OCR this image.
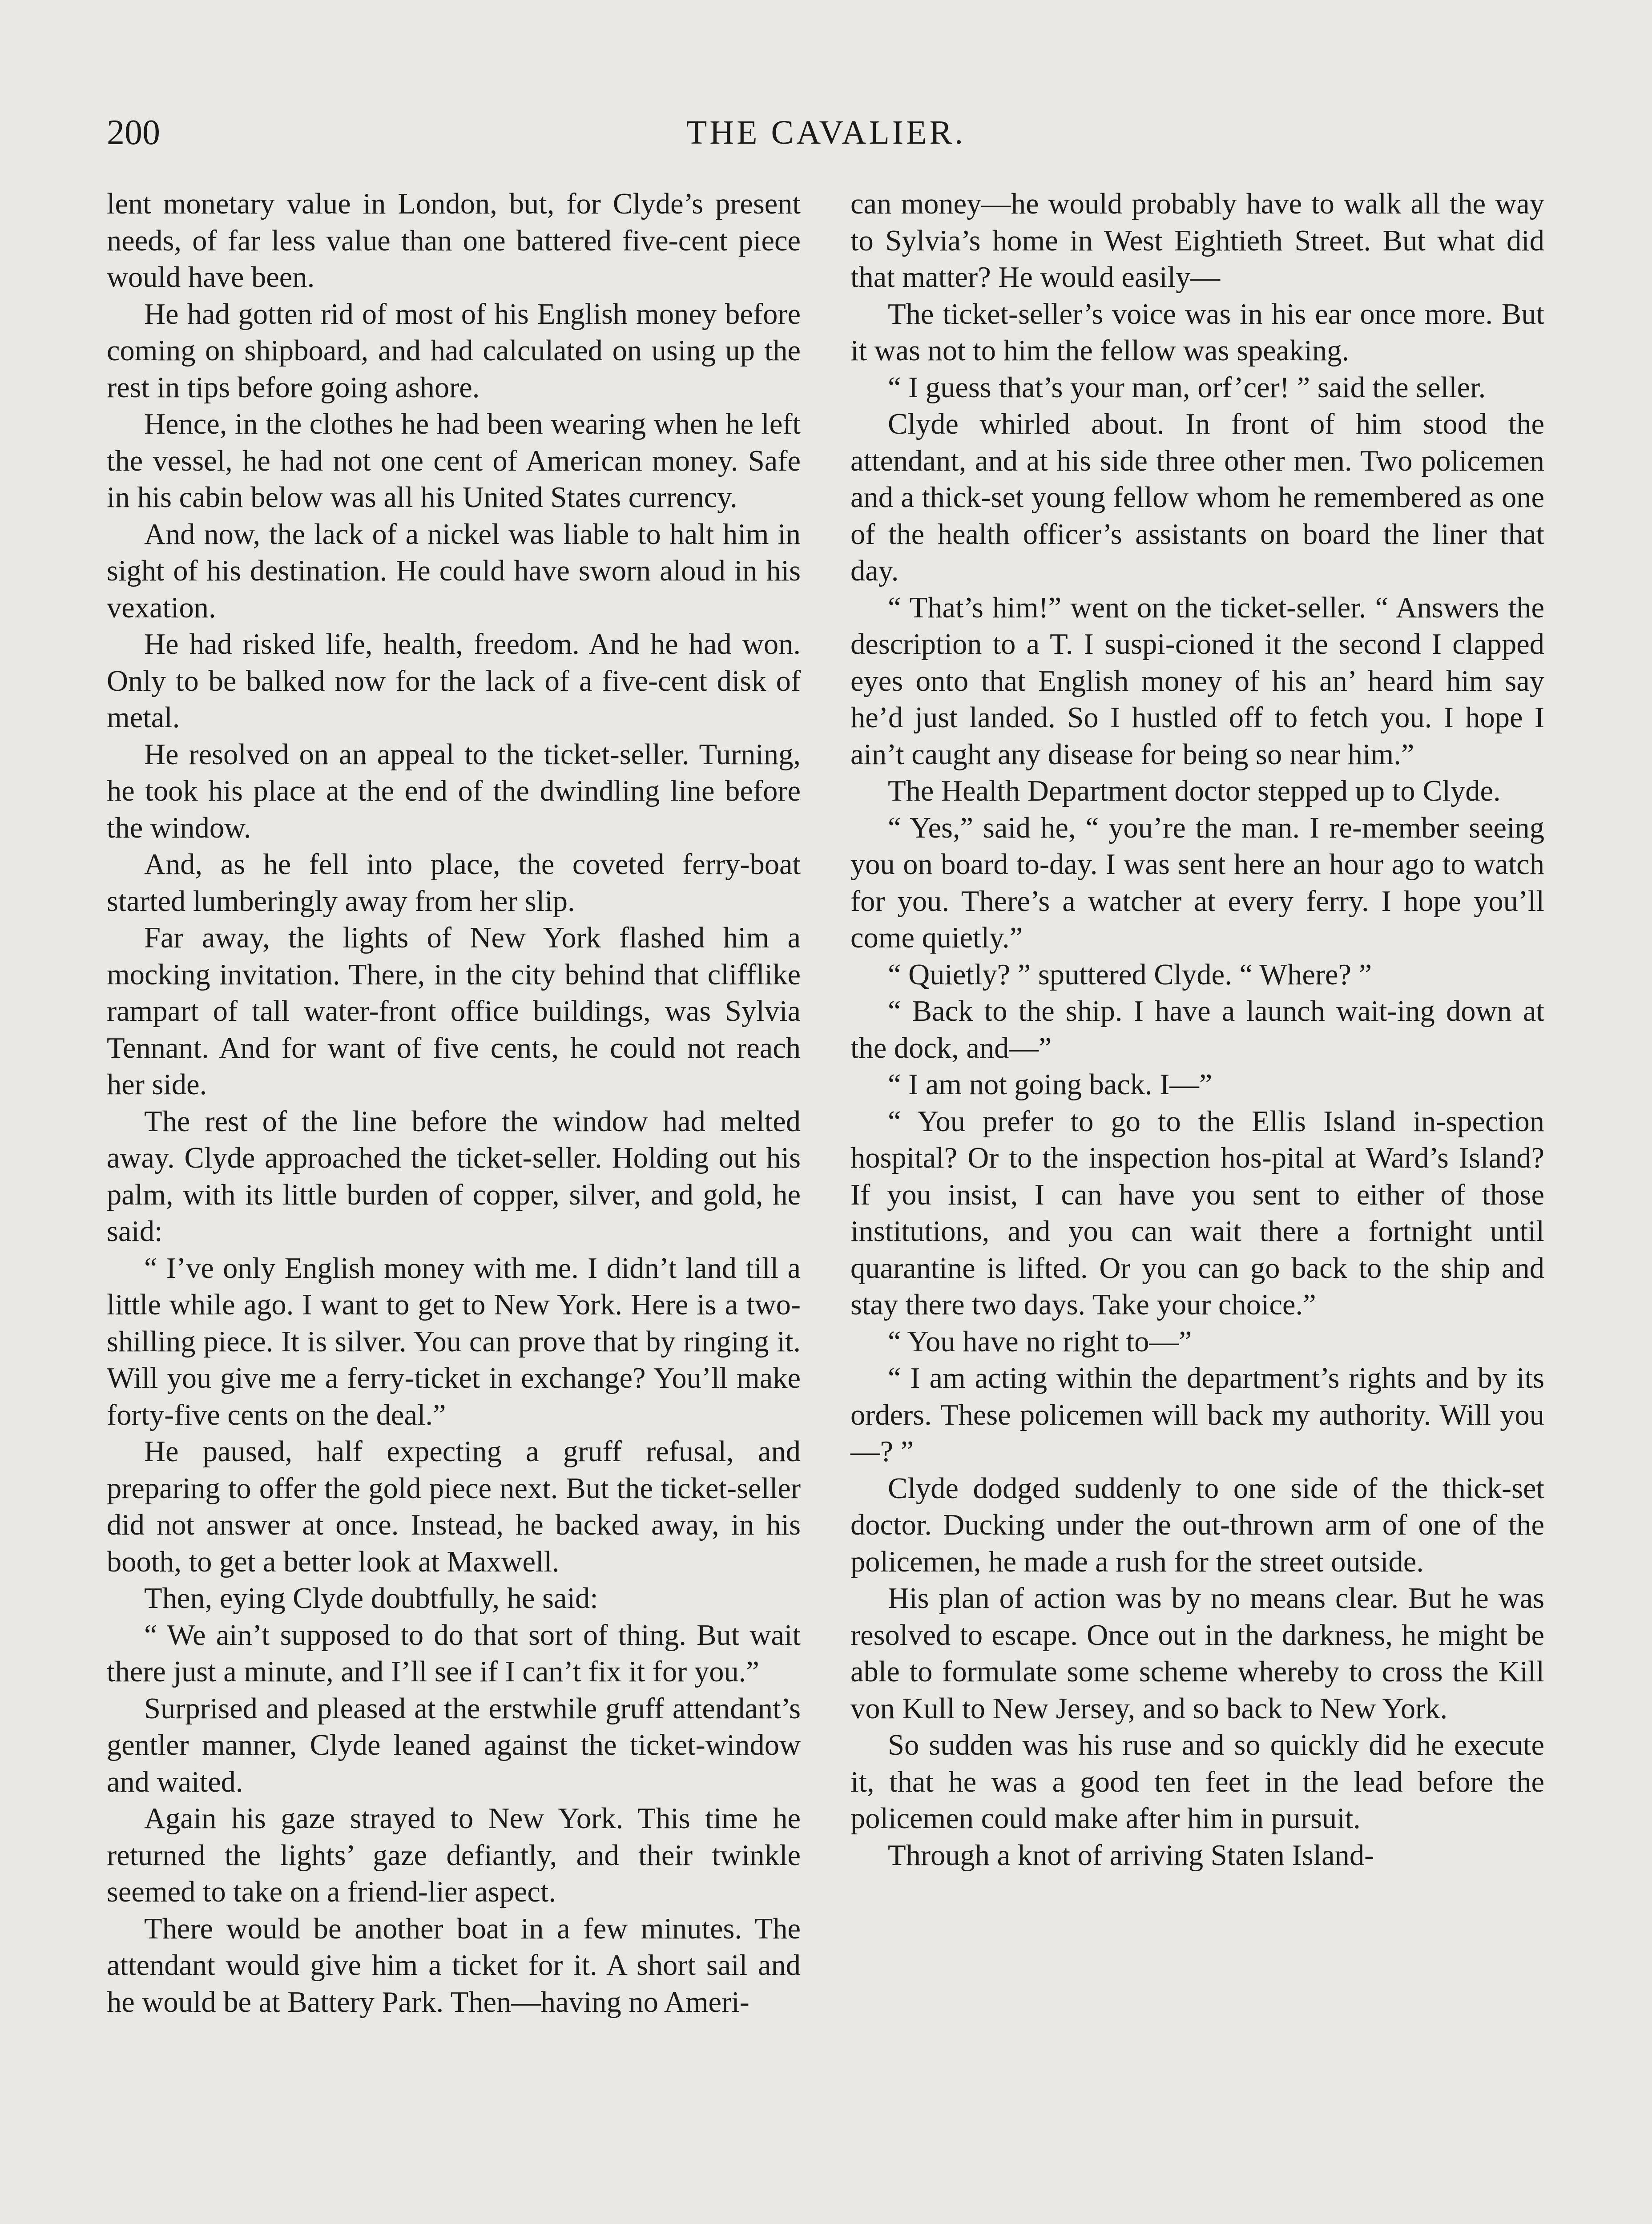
200	THE CAVALIER.

lent monetary value in London, but, for Clyde’s present needs, of far less value than one battered five-cent piece would have been.

He had gotten rid of most of his English money before coming on shipboard, and had calculated on using up the rest in tips before going ashore.

Hence, in the clothes he had been wearing when he left the vessel, he had not one cent of American money. Safe in his cabin below was all his United States currency.

And now, the lack of a nickel was liable to halt him in sight of his destination. He could have sworn aloud in his vexation.

He had risked life, health, freedom. And he had won. Only to be balked now for the lack of a five-cent disk of metal.

He resolved on an appeal to the ticket-seller. Turning, he took his place at the end of the dwindling line before the window.

And, as he fell into place, the coveted ferry-boat started lumberingly away from her slip.

Far away, the lights of New York flashed him a mocking invitation. There, in the city behind that clifflike rampart of tall water-front office buildings, was Sylvia Tennant. And for want of five cents, he could not reach her side.

The rest of the line before the window had melted away. Clyde approached the ticket-seller. Holding out his palm, with its little burden of copper, silver, and gold, he said:

“ I’ve only English money with me. I didn’t land till a little while ago. I want to get to New York. Here is a two-shilling piece. It is silver. You can prove that by ringing it. Will you give me a ferry-ticket in exchange? You’ll make forty-five cents on the deal.”

He paused, half expecting a gruff refusal, and preparing to offer the gold piece next. But the ticket-seller did not answer at once. Instead, he backed away, in his booth, to get a better look at Maxwell.

Then, eying Clyde doubtfully, he said:

“ We ain’t supposed to do that sort of thing. But wait there just a minute, and I’ll see if I can’t fix it for you.”

Surprised and pleased at the erstwhile gruff attendant’s gentler manner, Clyde leaned against the ticket-window and waited.

Again his gaze strayed to New York. This time he returned the lights’ gaze defiantly, and their twinkle seemed to take on a friend-lier aspect.

There would be another boat in a few minutes. The attendant would give him a ticket for it. A short sail and he would be at Battery Park. Then—having no Ameri-

can money—he would probably have to walk all the way to Sylvia’s home in West Eightieth Street. But what did that matter? He would easily—

The ticket-seller’s voice was in his ear once more. But it was not to him the fellow was speaking.

“ I guess that’s your man, orf’cer! ” said the seller.

Clyde whirled about. In front of him stood the attendant, and at his side three other men. Two policemen and a thick-set young fellow whom he remembered as one of the health officer’s assistants on board the liner that day.

“ That’s him!” went on the ticket-seller. “ Answers the description to a T. I suspi-cioned it the second I clapped eyes onto that English money of his an’ heard him say he’d just landed. So I hustled off to fetch you. I hope I ain’t caught any disease for being so near him.”

The Health Department doctor stepped up to Clyde.

“ Yes,” said he, “ you’re the man. I re-member seeing you on board to-day. I was sent here an hour ago to watch for you. There’s a watcher at every ferry. I hope you’ll come quietly.”

“ Quietly? ” sputtered Clyde. “ Where? ”

“ Back to the ship. I have a launch wait-ing down at the dock, and—”

“ I am not going back. I—”

“ You prefer to go to the Ellis Island in-spection hospital? Or to the inspection hos-pital at Ward’s Island? If you insist, I can have you sent to either of those institutions, and you can wait there a fortnight until quarantine is lifted. Or you can go back to the ship and stay there two days. Take your choice.”

“ You have no right to—”

“ I am acting within the department’s rights and by its orders. These policemen will back my authority. Will you—? ”

Clyde dodged suddenly to one side of the thick-set doctor. Ducking under the out-thrown arm of one of the policemen, he made a rush for the street outside.

His plan of action was by no means clear. But he was resolved to escape. Once out in the darkness, he might be able to formulate some scheme whereby to cross the Kill von Kull to New Jersey, and so back to New York.

So sudden was his ruse and so quickly did he execute it, that he was a good ten feet in the lead before the policemen could make after him in pursuit.

Through a knot of arriving Staten Island-
